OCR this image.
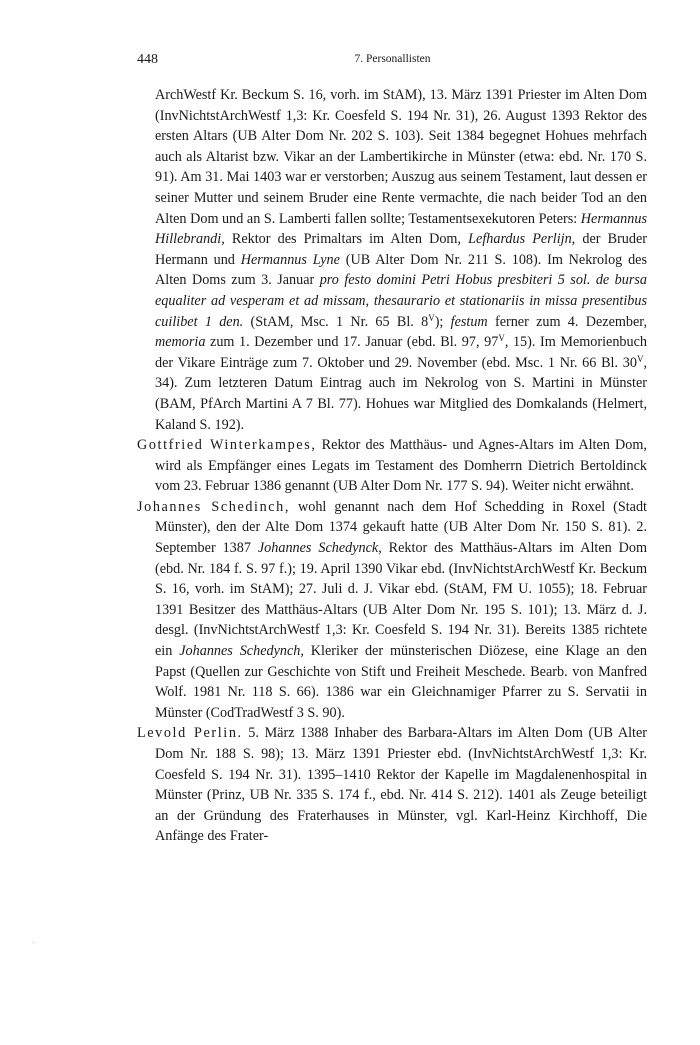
448	7. Personallisten

ArchWestf Kr. Beckum S. 16, vorh. im StAM), 13. März 1391 Priester im Alten Dom (InvNichtstArchWestf 1,3: Kr. Coesfeld S. 194 Nr. 31), 26. August 1393 Rektor des ersten Altars (UB Alter Dom Nr. 202 S. 103). Seit 1384 begegnet Hohues mehrfach auch als Altarist bzw. Vikar an der Lambertikirche in Münster (etwa: ebd. Nr. 170 S. 91). Am 31. Mai 1403 war er verstorben; Auszug aus seinem Testament, laut dessen er seiner Mutter und seinem Bruder eine Rente vermachte, die nach beider Tod an den Alten Dom und an S. Lamberti fallen sollte; Testamentsexekutoren Peters: Hermannus Hillebrandi, Rektor des Primaltars im Alten Dom, Lefhardus Perlijn, der Bruder Hermann und Hermannus Lyne (UB Alter Dom Nr. 211 S. 108). Im Nekrolog des Alten Doms zum 3. Januar pro festo domini Petri Hobus presbiteri 5 sol. de bursa equaliter ad vesperam et ad missam, thesaurario et stationariis in missa presentibus cuilibet 1 den. (StAM, Msc. 1 Nr. 65 Bl. $8^V$); festum ferner zum 4. Dezember, memoria zum 1. Dezember und 17. Januar (ebd. Bl. 97, $97^V$, 15). Im Memorienbuch der Vikare Einträge zum 7. Oktober und 29. November (ebd. Msc. 1 Nr. 66 Bl. $30^V$, 34). Zum letzteren Datum Eintrag auch im Nekrolog von S. Martini in Münster (BAM, PfArch Martini A 7 Bl. 77). Hohues war Mitglied des Domkalands (Helmert, Kaland S. 192).

Gottfried Winterkampes, Rektor des Matthäus- und Agnes-Altars im Alten Dom, wird als Empfänger eines Legats im Testament des Domherrn Dietrich Bertoldinck vom 23. Februar 1386 genannt (UB Alter Dom Nr. 177 S. 94). Weiter nicht erwähnt.

Johannes Schedinch, wohl genannt nach dem Hof Schedding in Roxel (Stadt Münster), den der Alte Dom 1374 gekauft hatte (UB Alter Dom Nr. 150 S. 81). 2. September 1387 Johannes Schedynck, Rektor des Matthäus-Altars im Alten Dom (ebd. Nr. 184 f. S. 97 f.); 19. April 1390 Vikar ebd. (InvNichtstArchWestf Kr. Beckum S. 16, vorh. im StAM); 27. Juli d. J. Vikar ebd. (StAM, FM U. 1055); 18. Februar 1391 Besitzer des Matthäus-Altars (UB Alter Dom Nr. 195 S. 101); 13. März d. J. desgl. (InvNichtstArchWestf 1,3: Kr. Coesfeld S. 194 Nr. 31). Bereits 1385 richtete ein Johannes Schedynch, Kleriker der münsterischen Diözese, eine Klage an den Papst (Quellen zur Geschichte von Stift und Freiheit Meschede. Bearb. von Manfred Wolf. 1981 Nr. 118 S. 66). 1386 war ein Gleichnamiger Pfarrer zu S. Servatii in Münster (CodTradWestf 3 S. 90).

Levold Perlin. 5. März 1388 Inhaber des Barbara-Altars im Alten Dom (UB Alter Dom Nr. 188 S. 98); 13. März 1391 Priester ebd. (InvNichtstArchWestf 1,3: Kr. Coesfeld S. 194 Nr. 31). 1395–1410 Rektor der Kapelle im Magdalenenhospital in Münster (Prinz, UB Nr. 335 S. 174 f., ebd. Nr. 414 S. 212). 1401 als Zeuge beteiligt an der Gründung des Fraterhauses in Münster, vgl. Karl-Heinz Kirchhoff, Die Anfänge des Frater-
